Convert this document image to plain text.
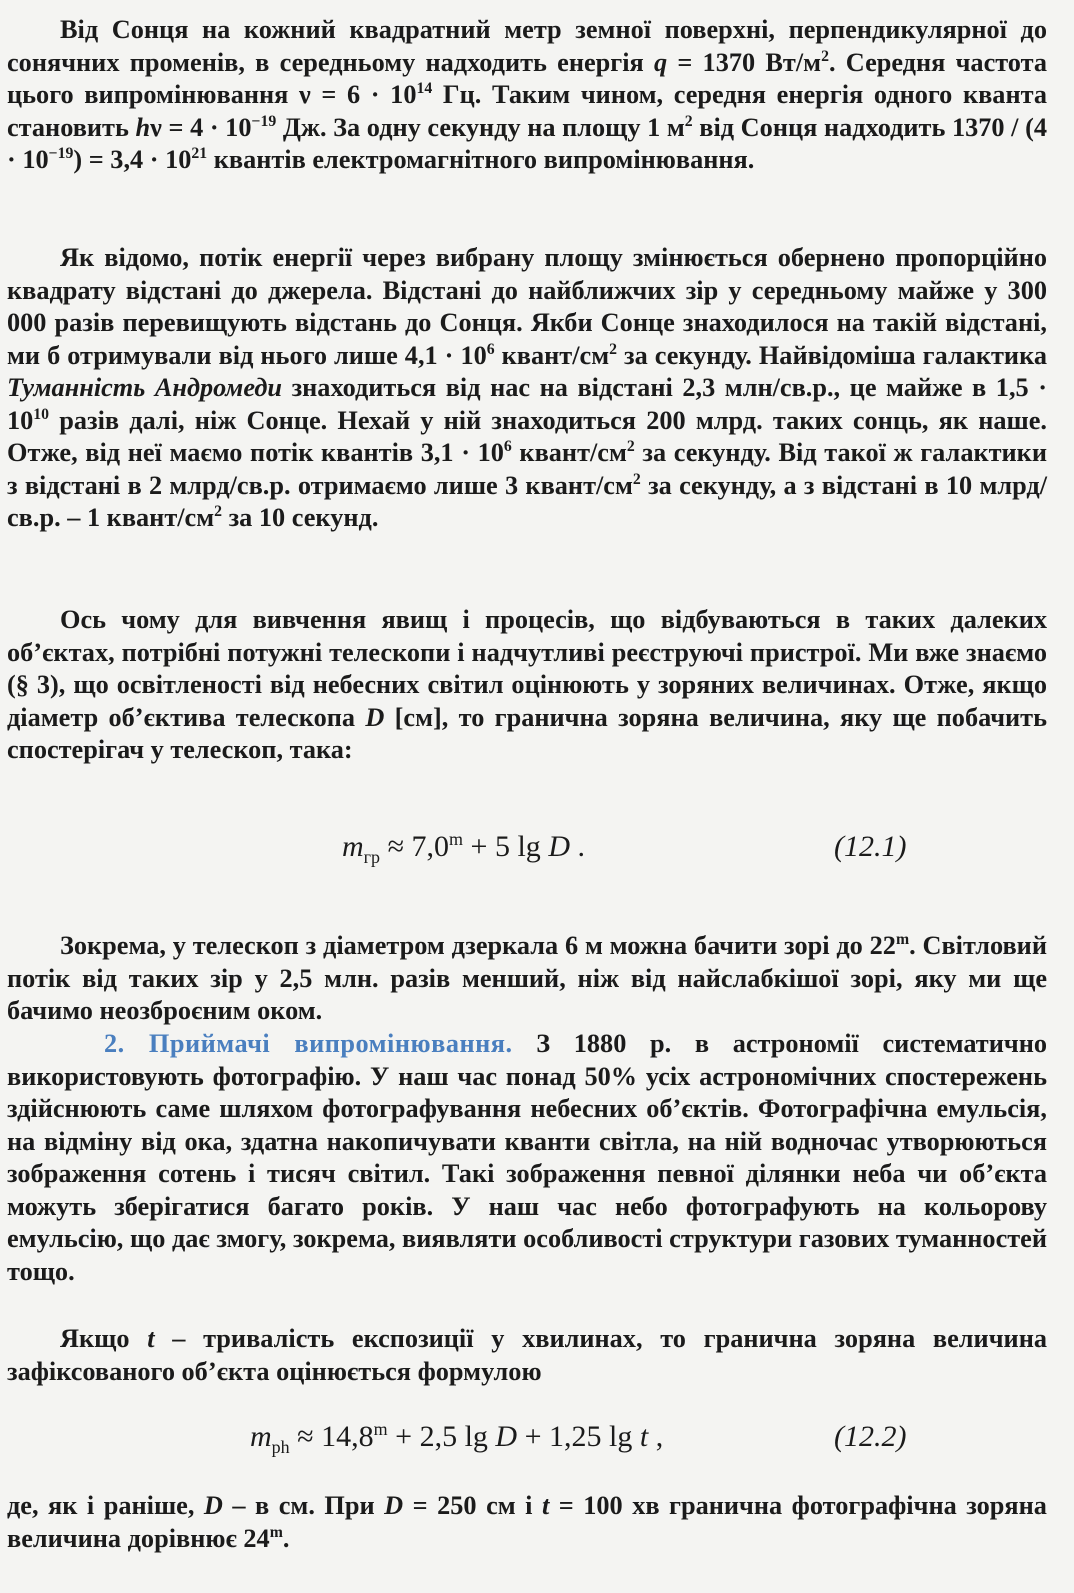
Від Сонця на кожний квадратний метр земної поверхні, перпендикулярної до сонячних променів, в середньому надходить енергія q = 1370 $Вт/м^2$. Середня частота цього випромінювання $\nu = 6 \cdot 10^{14}$ Гц. Таким чином, середня енергія одного кванта становить $h\nu = 4 \cdot 10^{-19}$ Дж. За одну секунду на площу 1 $м^2$ від Сонця надходить $1370 / (4 \cdot 10^{-19}) = 3,4 \cdot 10^{21}$ квантів електромагнітного випромінювання.

Як відомо, потік енергії через вибрану площу змінюється обернено пропорційно квадрату відстані до джерела. Відстані до найближчих зір у середньому майже у 300 000 разів перевищують відстань до Сонця. Якби Сонце знаходилося на такій відстані, ми б отримували від нього лише $4,1 \cdot 10^6$ квант/$см^2$ за секунду. Найвідоміша галактика Туманність Андромеди знаходиться від нас на відстані 2,3 млн/св.р., це майже в $1,5 \cdot 10^{10}$ разів далі, ніж Сонце. Нехай у ній знаходиться 200 млрд. таких сонць, як наше. Отже, від неї маємо потік квантів $3,1 \cdot 10^6$ квант/$см^2$ за секунду. Від такої ж галактики з відстані в 2 млрд/св.р. отримаємо лише 3 квант/$см^2$ за секунду, а з відстані в 10 млрд/св.р. – 1 квант/$см^2$ за 10 секунд.

Ось чому для вивчення явищ і процесів, що відбуваються в таких далеких об’єктах, потрібні потужні телескопи і надчутливі реєструючі пристрої. Ми вже знаємо (§ 3), що освітленості від небесних світил оцінюють у зоряних величинах. Отже, якщо діаметр об’єктива телескопа D [см], то гранична зоряна величина, яку ще побачить спостерігач у телескоп, така:

$m_{гр} \approx 7,0^m + 5$ lg D .	(12.1)

Зокрема, у телескоп з діаметром дзеркала 6 м можна бачити зорі до 22$^m$. Світловий потік від таких зір у 2,5 млн. разів менший, ніж від найслабкішої зорі, яку ми ще бачимо неозброєним оком.

2. Приймачі випромінювання. З 1880 р. в астрономії систематично використовують фотографію. У наш час понад 50% усіх астрономічних спостережень здійснюють саме шляхом фотографування небесних об’єктів. Фотографічна емульсія, на відміну від ока, здатна накопичувати кванти світла, на ній водночас утворюються зображення сотень і тисяч світил. Такі зображення певної ділянки неба чи об’єкта можуть зберігатися багато років. У наш час небо фотографують на кольорову емульсію, що дає змогу, зокрема, виявляти особливості структури газових туманностей тощо.

Якщо t – тривалість експозиції у хвилинах, то гранична зоряна величина зафіксованого об’єкта оцінюється формулою

$m_{ph} \approx 14,8^m + 2,5$ lg D + 1,25 lg t ,	(12.2)

де, як і раніше, D – в см. При D = 250 см і t = 100 хв гранична фотографічна зоряна величина дорівнює 24$^m$.
